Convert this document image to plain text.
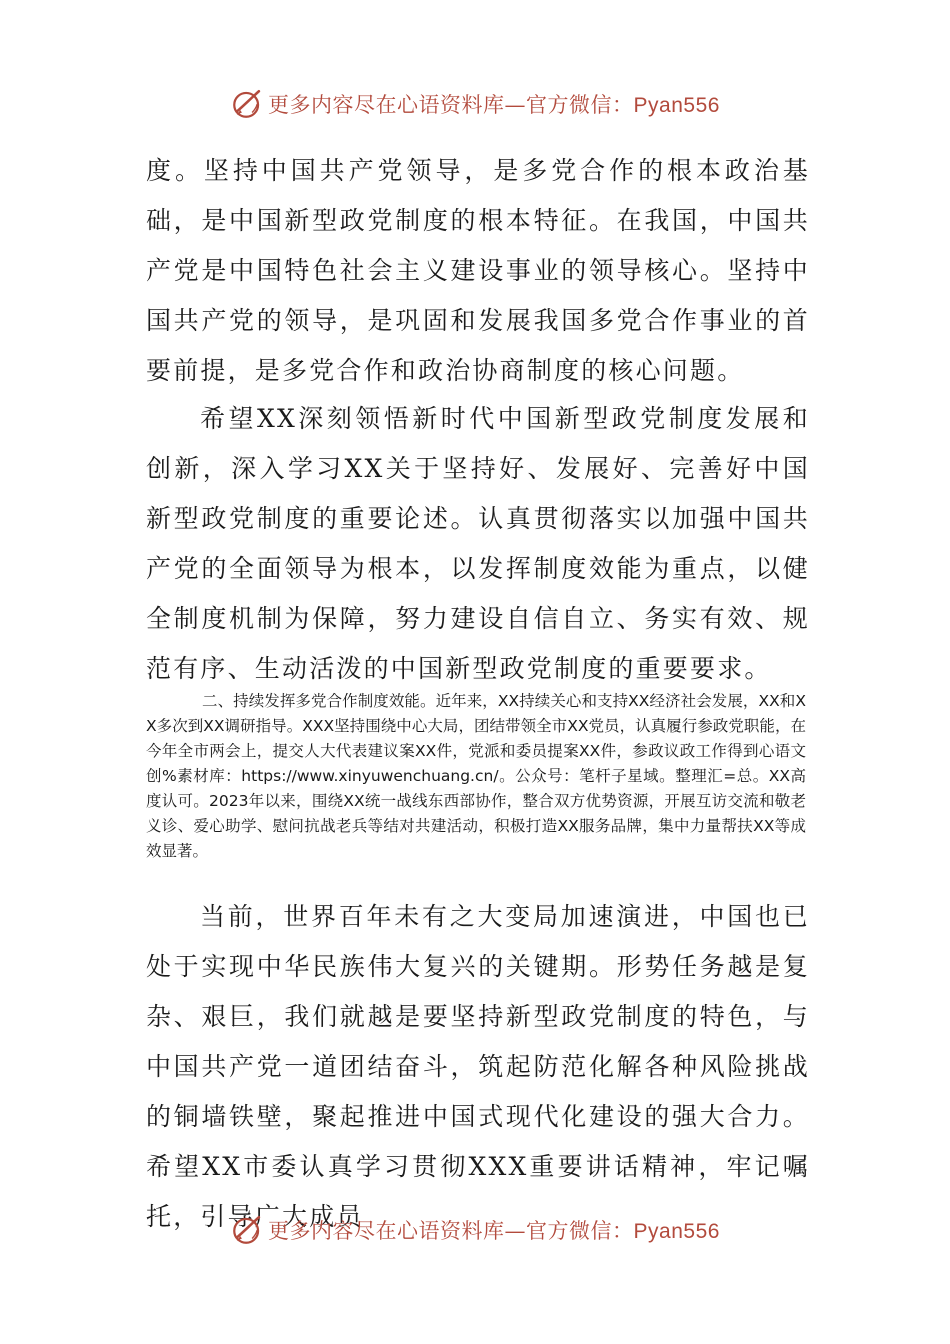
更多内容尽在心语资料库—官方微信：Pyan556

度。坚持中国共产党领导，是多党合作的根本政治基础，是中国新型政党制度的根本特征。在我国，中国共产党是中国特色社会主义建设事业的领导核心。坚持中国共产党的领导，是巩固和发展我国多党合作事业的首要前提，是多党合作和政治协商制度的核心问题。

希望XX深刻领悟新时代中国新型政党制度发展和创新，深入学习XX关于坚持好、发展好、完善好中国新型政党制度的重要论述。认真贯彻落实以加强中国共产党的全面领导为根本，以发挥制度效能为重点，以健全制度机制为保障，努力建设自信自立、务实有效、规范有序、生动活泼的中国新型政党制度的重要要求。

二、持续发挥多党合作制度效能。近年来，XX持续关心和支持XX经济社会发展，XX和XX多次到XX调研指导。XXX坚持围绕中心大局，团结带领全市XX党员，认真履行参政党职能，在今年全市两会上，提交人大代表建议案XX件，党派和委员提案XX件，参政议政工作得到心语文创%素材库：https://www.xinyuwenchuang.cn/。公众号：笔杆子星域。整理汇=总。XX高度认可。2023年以来，围绕XX统一战线东西部协作，整合双方优势资源，开展互访交流和敬老义诊、爱心助学、慰问抗战老兵等结对共建活动，积极打造XX服务品牌，集中力量帮扶XX等成效显著。

当前，世界百年未有之大变局加速演进，中国也已处于实现中华民族伟大复兴的关键期。形势任务越是复杂、艰巨，我们就越是要坚持新型政党制度的特色，与中国共产党一道团结奋斗，筑起防范化解各种风险挑战的铜墙铁壁，聚起推进中国式现代化建设的强大合力。希望XX市委认真学习贯彻XXX重要讲话精神，牢记嘱托，引导广大成员

更多内容尽在心语资料库—官方微信：Pyan556
